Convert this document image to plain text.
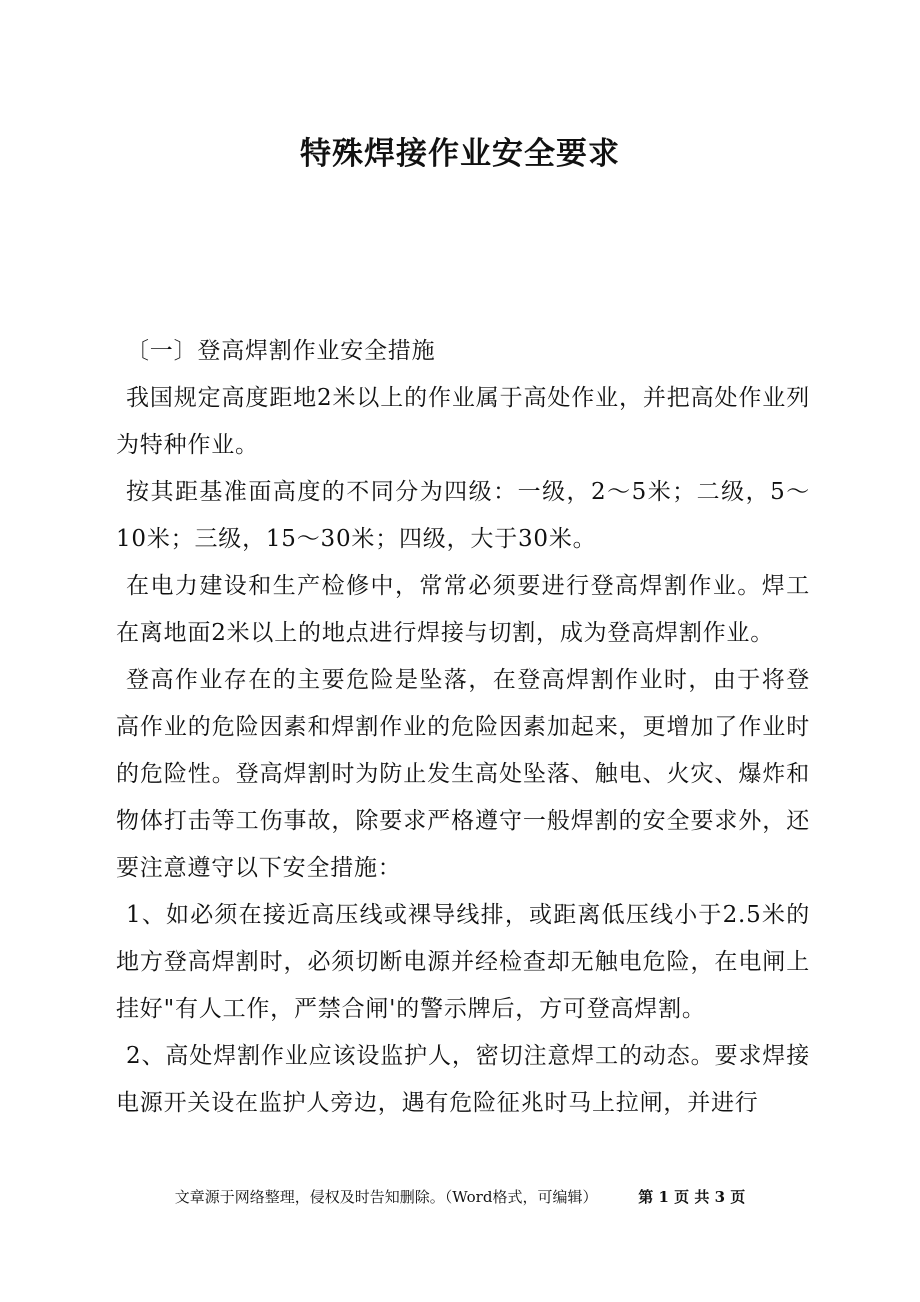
特殊焊接作业安全要求

〔一〕登高焊割作业安全措施

我国规定高度距地2米以上的作业属于高处作业，并把高处作业列为特种作业。

按其距基准面高度的不同分为四级：一级，2～5米；二级，5～10米；三级，15～30米；四级，大于30米。

在电力建设和生产检修中，常常必须要进行登高焊割作业。焊工在离地面2米以上的地点进行焊接与切割，成为登高焊割作业。

登高作业存在的主要危险是坠落，在登高焊割作业时，由于将登高作业的危险因素和焊割作业的危险因素加起来，更增加了作业时的危险性。登高焊割时为防止发生高处坠落、触电、火灾、爆炸和物体打击等工伤事故，除要求严格遵守一般焊割的安全要求外，还要注意遵守以下安全措施：

1、如必须在接近高压线或裸导线排，或距离低压线小于2.5米的地方登高焊割时，必须切断电源并经检查却无触电危险，在电闸上挂好"有人工作，严禁合闸'的警示牌后，方可登高焊割。

2、高处焊割作业应该设监护人，密切注意焊工的动态。要求焊接电源开关设在监护人旁边，遇有危险征兆时马上拉闸，并进行

文章源于网络整理，侵权及时告知删除。（Word格式，可编辑）	第 1 页 共 3 页
